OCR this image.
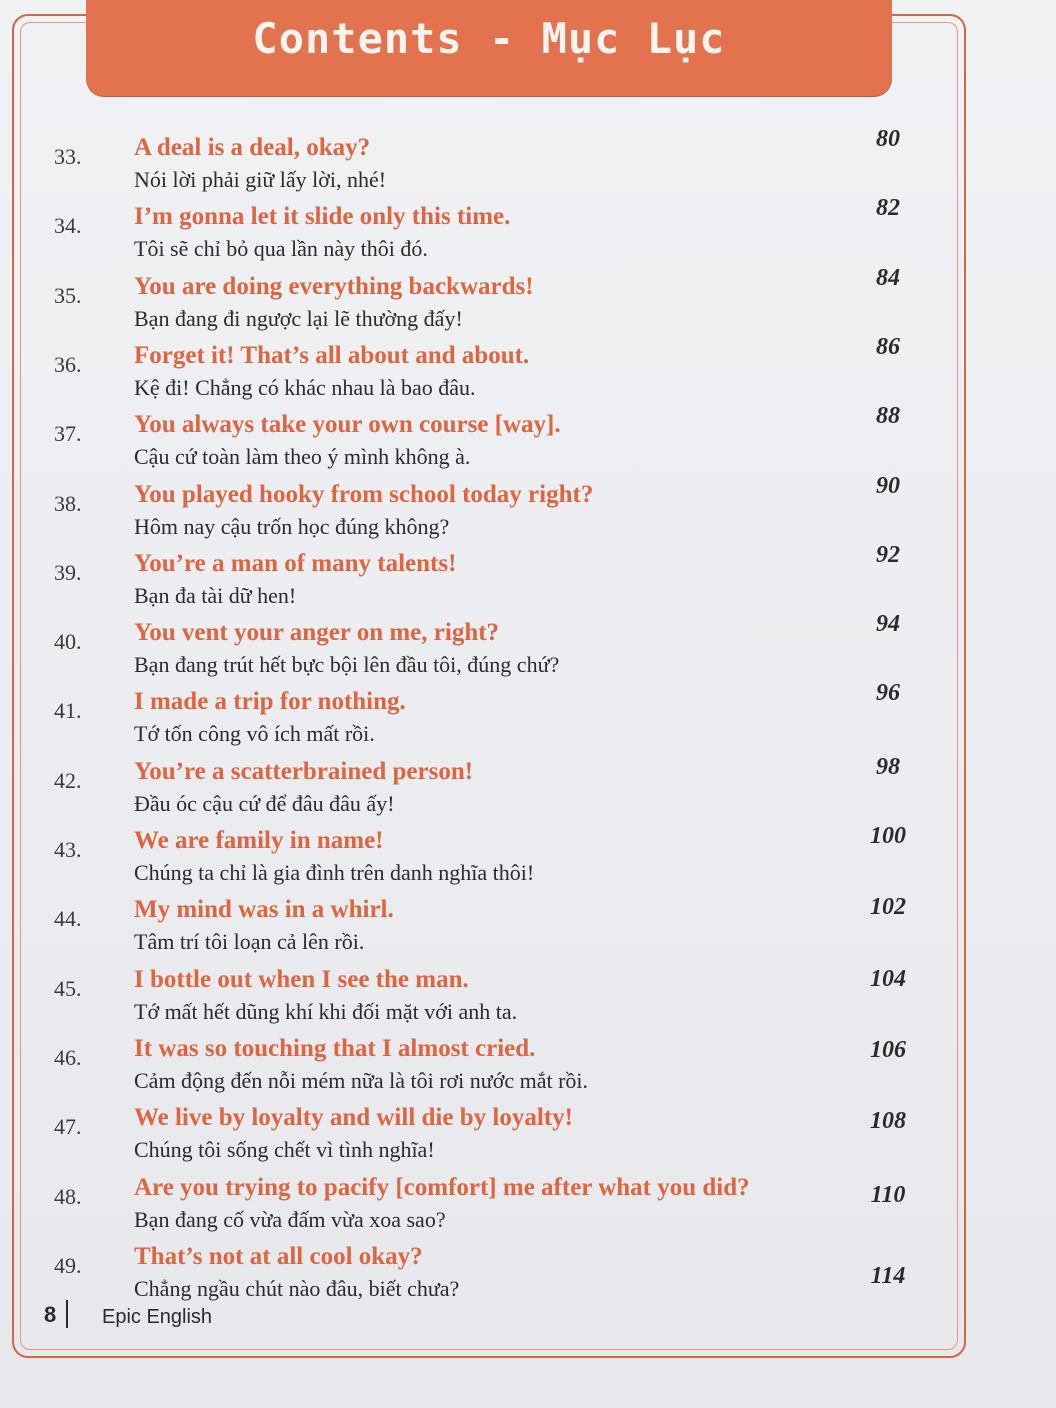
Contents - Mục Lục
33. A deal is a deal, okay?
Nói lời phải giữ lấy lời, nhé!
80
34. I’m gonna let it slide only this time.
Tôi sẽ chỉ bỏ qua lần này thôi đó.
82
35. You are doing everything backwards!
Bạn đang đi ngược lại lẽ thường đấy!
84
36. Forget it! That’s all about and about.
Kệ đi! Chẳng có khác nhau là bao đâu.
86
37. You always take your own course [way].
Cậu cứ toàn làm theo ý mình không à.
88
38. You played hooky from school today right?
Hôm nay cậu trốn học đúng không?
90
39. You’re a man of many talents!
Bạn đa tài dữ hen!
92
40. You vent your anger on me, right?
Bạn đang trút hết bực bội lên đầu tôi, đúng chứ?
94
41. I made a trip for nothing.
Tớ tốn công vô ích mất rồi.
96
42. You’re a scatterbrained person!
Đầu óc cậu cứ để đâu đâu ấy!
98
43. We are family in name!
Chúng ta chỉ là gia đình trên danh nghĩa thôi!
100
44. My mind was in a whirl.
Tâm trí tôi loạn cả lên rồi.
102
45. I bottle out when I see the man.
Tớ mất hết dũng khí khi đối mặt với anh ta.
104
46. It was so touching that I almost cried.
Cảm động đến nỗi mém nữa là tôi rơi nước mắt rồi.
106
47. We live by loyalty and will die by loyalty!
Chúng tôi sống chết vì tình nghĩa!
108
48. Are you trying to pacify [comfort] me after what you did?
Bạn đang cố vừa đấm vừa xoa sao?
110
49. That’s not at all cool okay?
Chẳng ngầu chút nào đâu, biết chưa?	114
8 Epic English
